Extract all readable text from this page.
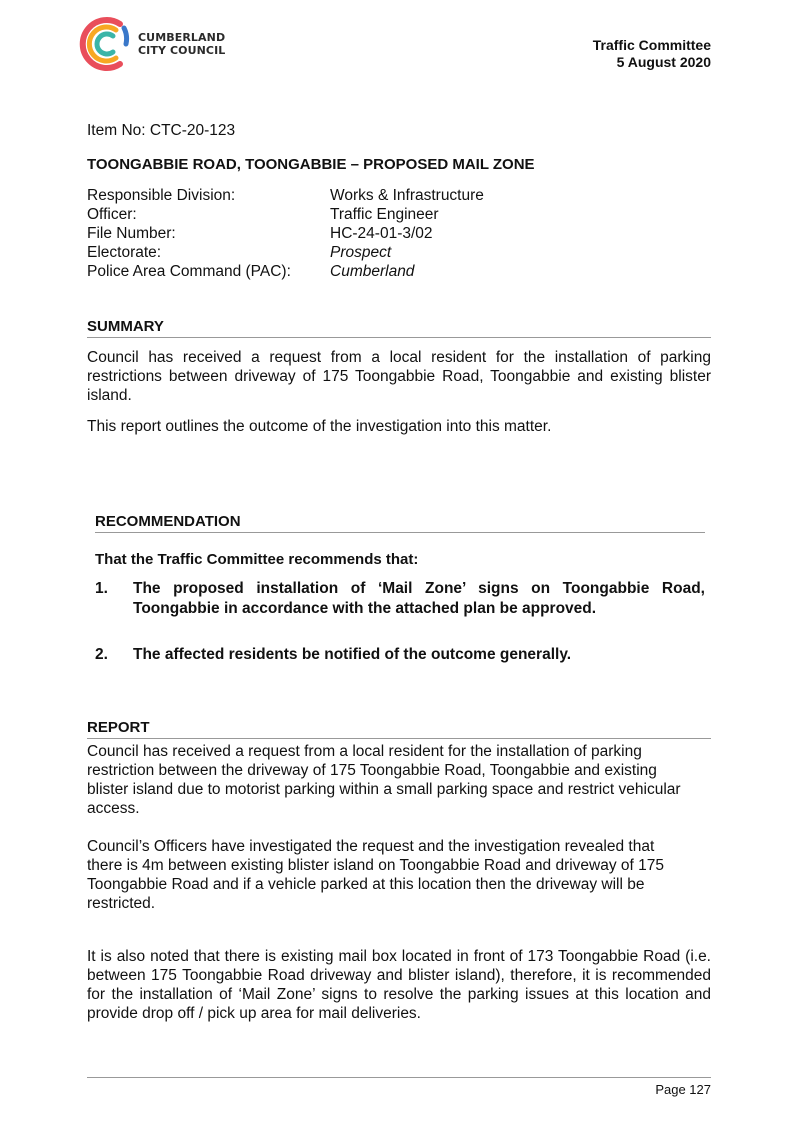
CUMBERLAND
CITY COUNCIL	Traffic Committee
5 August 2020
Item No: CTC-20-123
TOONGABBIE ROAD, TOONGABBIE – PROPOSED MAIL ZONE
Responsible Division:	Works & Infrastructure
Officer:	Traffic Engineer
File Number:	HC-24-01-3/02
Electorate:	Prospect
Police Area Command (PAC):	Cumberland
SUMMARY

Council has received a request from a local resident for the installation of parking restrictions between driveway of 175 Toongabbie Road, Toongabbie and existing blister island.

This report outlines the outcome of the investigation into this matter.

RECOMMENDATION
That the Traffic Committee recommends that:
1.	The proposed installation of ‘Mail Zone’ signs on Toongabbie Road, Toongabbie in accordance with the attached plan be approved.
2.	The affected residents be notified of the outcome generally.
REPORT

Council has received a request from a local resident for the installation of parking restriction between the driveway of 175 Toongabbie Road, Toongabbie and existing blister island due to motorist parking within a small parking space and restrict vehicular access.

Council’s Officers have investigated the request and the investigation revealed that there is 4m between existing blister island on Toongabbie Road and driveway of 175 Toongabbie Road and if a vehicle parked at this location then the driveway will be restricted.

It is also noted that there is existing mail box located in front of 173 Toongabbie Road (i.e. between 175 Toongabbie Road driveway and blister island), therefore, it is recommended for the installation of ‘Mail Zone’ signs to resolve the parking issues at this location and provide drop off / pick up area for mail deliveries.

Page 127
